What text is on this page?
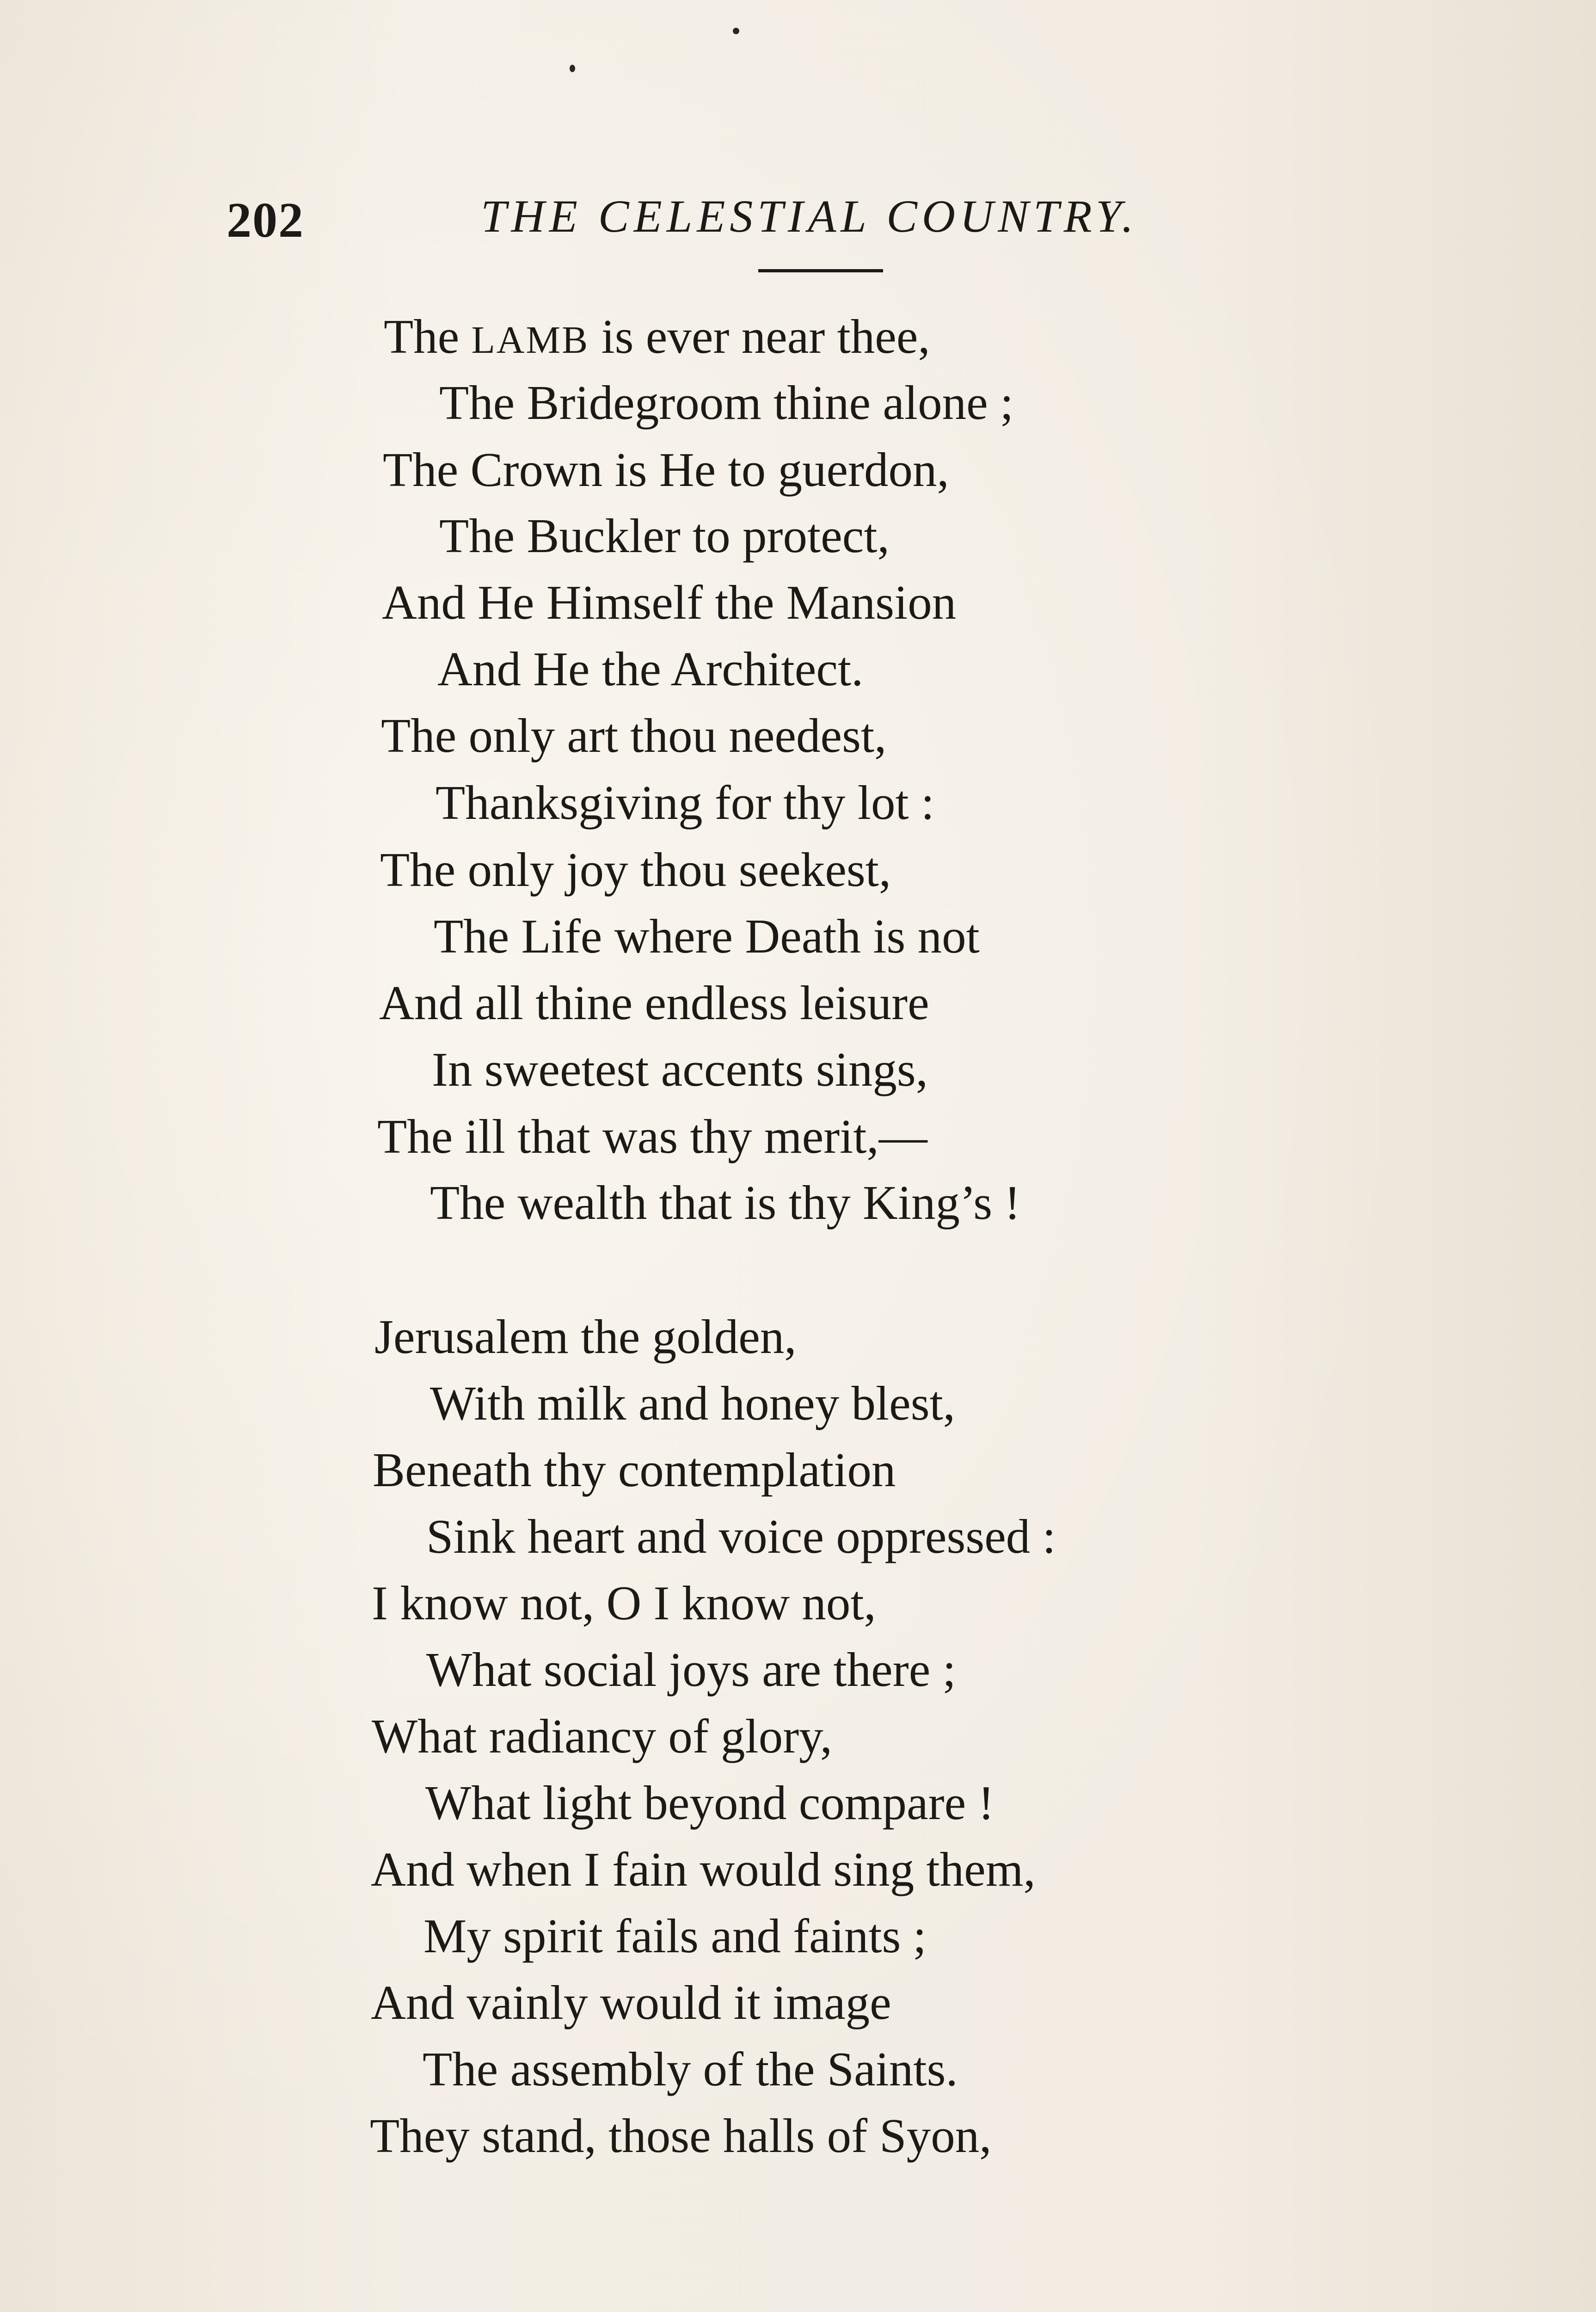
202	THE CELESTIAL COUNTRY.
The LAMB is ever near thee,
The Bridegroom thine alone ;
The Crown is He to guerdon,
The Buckler to protect,
And He Himself the Mansion
And He the Architect.
The only art thou needest,
Thanksgiving for thy lot :
The only joy thou seekest,
The Life where Death is not
And all thine endless leisure
In sweetest accents sings,
The ill that was thy merit,—
The wealth that is thy King’s !
Jerusalem the golden,
With milk and honey blest,
Beneath thy contemplation
Sink heart and voice oppressed :
I know not, O I know not,
What social joys are there ;
What radiancy of glory,
What light beyond compare !
And when I fain would sing them,
My spirit fails and faints ;
And vainly would it image
The assembly of the Saints.
They stand, those halls of Syon,
